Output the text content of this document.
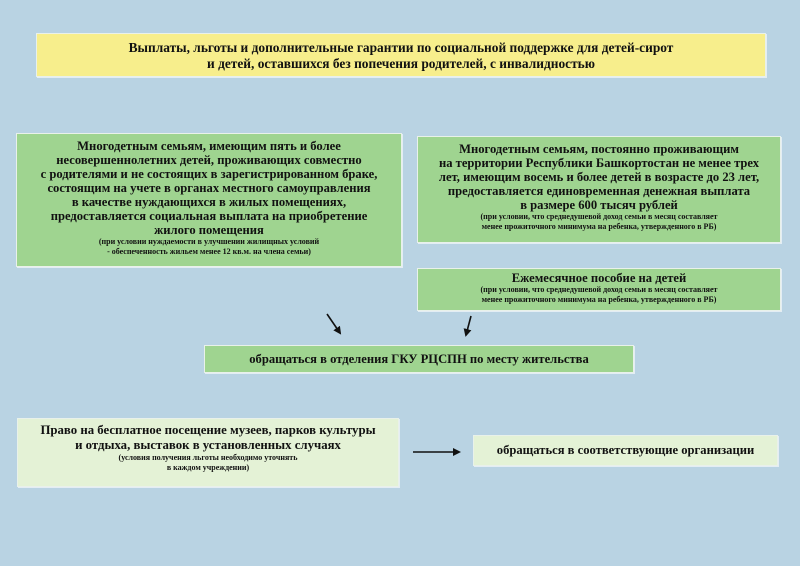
Выплаты, льготы и дополнительные гарантии по социальной поддержке для детей-сирот
и детей, оставшихся без попечения родителей, с инвалидностью
Многодетным семьям, имеющим пять и более
несовершеннолетних детей, проживающих совместно
с родителями и не состоящих в зарегистрированном браке,
состоящим на учете в органах местного самоуправления
в качестве нуждающихся в жилых помещениях,
предоставляется социальная выплата на приобретение
жилого помещения
(при условии нуждаемости в улучшении жилищных условий
- обеспеченность жильем менее 12 кв.м. на члена семьи)
Многодетным семьям, постоянно проживающим
на территории Республики Башкортостан не менее трех
лет, имеющим восемь и более детей в возрасте до 23 лет,
предоставляется единовременная денежная выплата
в размере 600 тысяч рублей
(при условии, что среднедушевой доход семьи в месяц составляет
менее прожиточного минимума на ребенка, утвержденного в РБ)
Ежемесячное пособие на детей
(при условии, что среднедушевой доход семьи в месяц составляет
менее прожиточного минимума на ребенка, утвержденного в РБ)
обращаться в отделения ГКУ РЦСПН по месту жительства
Право на бесплатное посещение музеев, парков культуры
и отдыха, выставок в установленных случаях
(условия получения льготы необходимо уточнять
в каждом учреждении)
обращаться в соответствующие организации
